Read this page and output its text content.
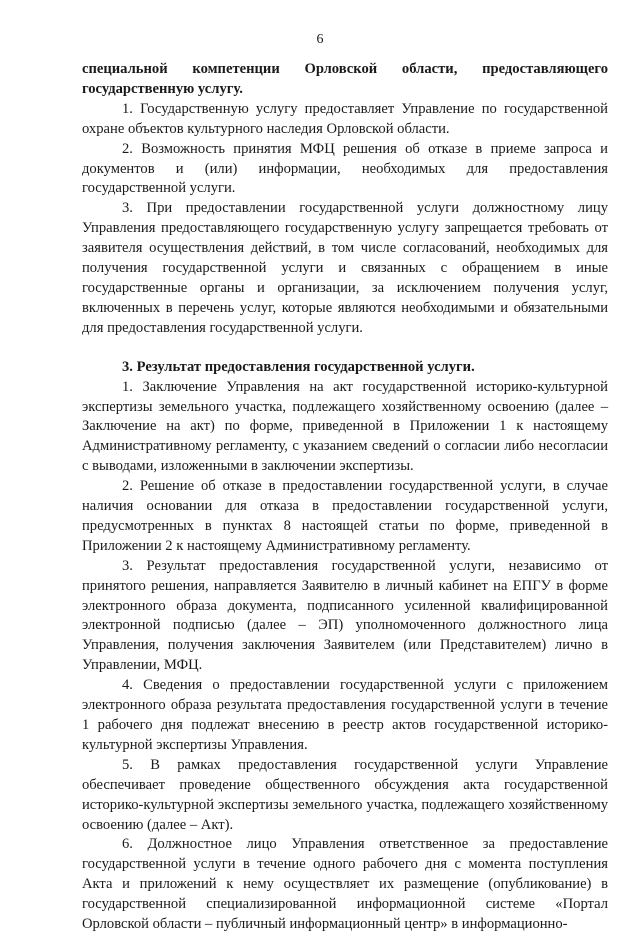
6

специальной компетенции Орловской области, предоставляющего государственную услугу.

1. Государственную услугу предоставляет Управление по государственной охране объектов культурного наследия Орловской области.

2. Возможность принятия МФЦ решения об отказе в приеме запроса и документов и (или) информации, необходимых для предоставления государственной услуги.

3. При предоставлении государственной услуги должностному лицу Управления предоставляющего государственную услугу запрещается требовать от заявителя осуществления действий, в том числе согласований, необходимых для получения государственной услуги и связанных с обращением в иные государственные органы и организации, за исключением получения услуг, включенных в перечень услуг, которые являются необходимыми и обязательными для предоставления государственной услуги.

3. Результат предоставления государственной услуги.

1. Заключение Управления на акт государственной историко-культурной экспертизы земельного участка, подлежащего хозяйственному освоению (далее – Заключение на акт) по форме, приведенной в Приложении 1 к настоящему Административному регламенту, с указанием сведений о согласии либо несогласии с выводами, изложенными в заключении экспертизы.

2. Решение об отказе в предоставлении государственной услуги, в случае наличия основании для отказа в предоставлении государственной услуги, предусмотренных в пунктах 8 настоящей статьи по форме, приведенной в Приложении 2 к настоящему Административному регламенту.

3. Результат предоставления государственной услуги, независимо от принятого решения, направляется Заявителю в личный кабинет на ЕПГУ в форме электронного образа документа, подписанного усиленной квалифицированной электронной подписью (далее – ЭП) уполномоченного должностного лица Управления, получения заключения Заявителем (или Представителем) лично в Управлении, МФЦ.

4. Сведения о предоставлении государственной услуги с приложением электронного образа результата предоставления государственной услуги в течение 1 рабочего дня подлежат внесению в реестр актов государственной историко-культурной экспертизы Управления.

5. В рамках предоставления государственной услуги Управление обеспечивает проведение общественного обсуждения акта государственной историко-культурной экспертизы земельного участка, подлежащего хозяйственному освоению (далее – Акт).

6. Должностное лицо Управления ответственное за предоставление государственной услуги в течение одного рабочего дня с момента поступления Акта и приложений к нему осуществляет их размещение (опубликование) в государственной специализированной информационной системе «Портал Орловской области – публичный информационный центр» в информационно-
